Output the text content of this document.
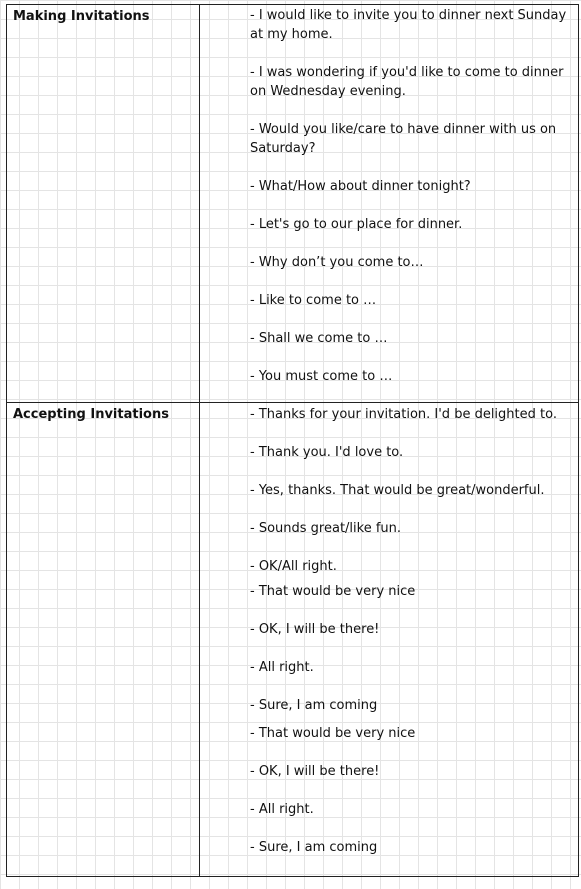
Making Invitations	- I would like to invite you to dinner next Sunday at my home.
- I was wondering if you'd like to come to dinner on Wednesday evening.
- Would you like/care to have dinner with us on Saturday?
- What/How about dinner tonight?
- Let's go to our place for dinner.
- Why don’t you come to…
- Like to come to …
- Shall we come to …
- You must come to …
Accepting Invitations	- Thanks for your invitation. I'd be delighted to.
- Thank you. I'd love to.
- Yes, thanks. That would be great/wonderful.
- Sounds great/like fun.
- OK/All right.
- That would be very nice
- OK, I will be there!
- All right.
- Sure, I am coming
- That would be very nice
- OK, I will be there!
- All right.
- Sure, I am coming
